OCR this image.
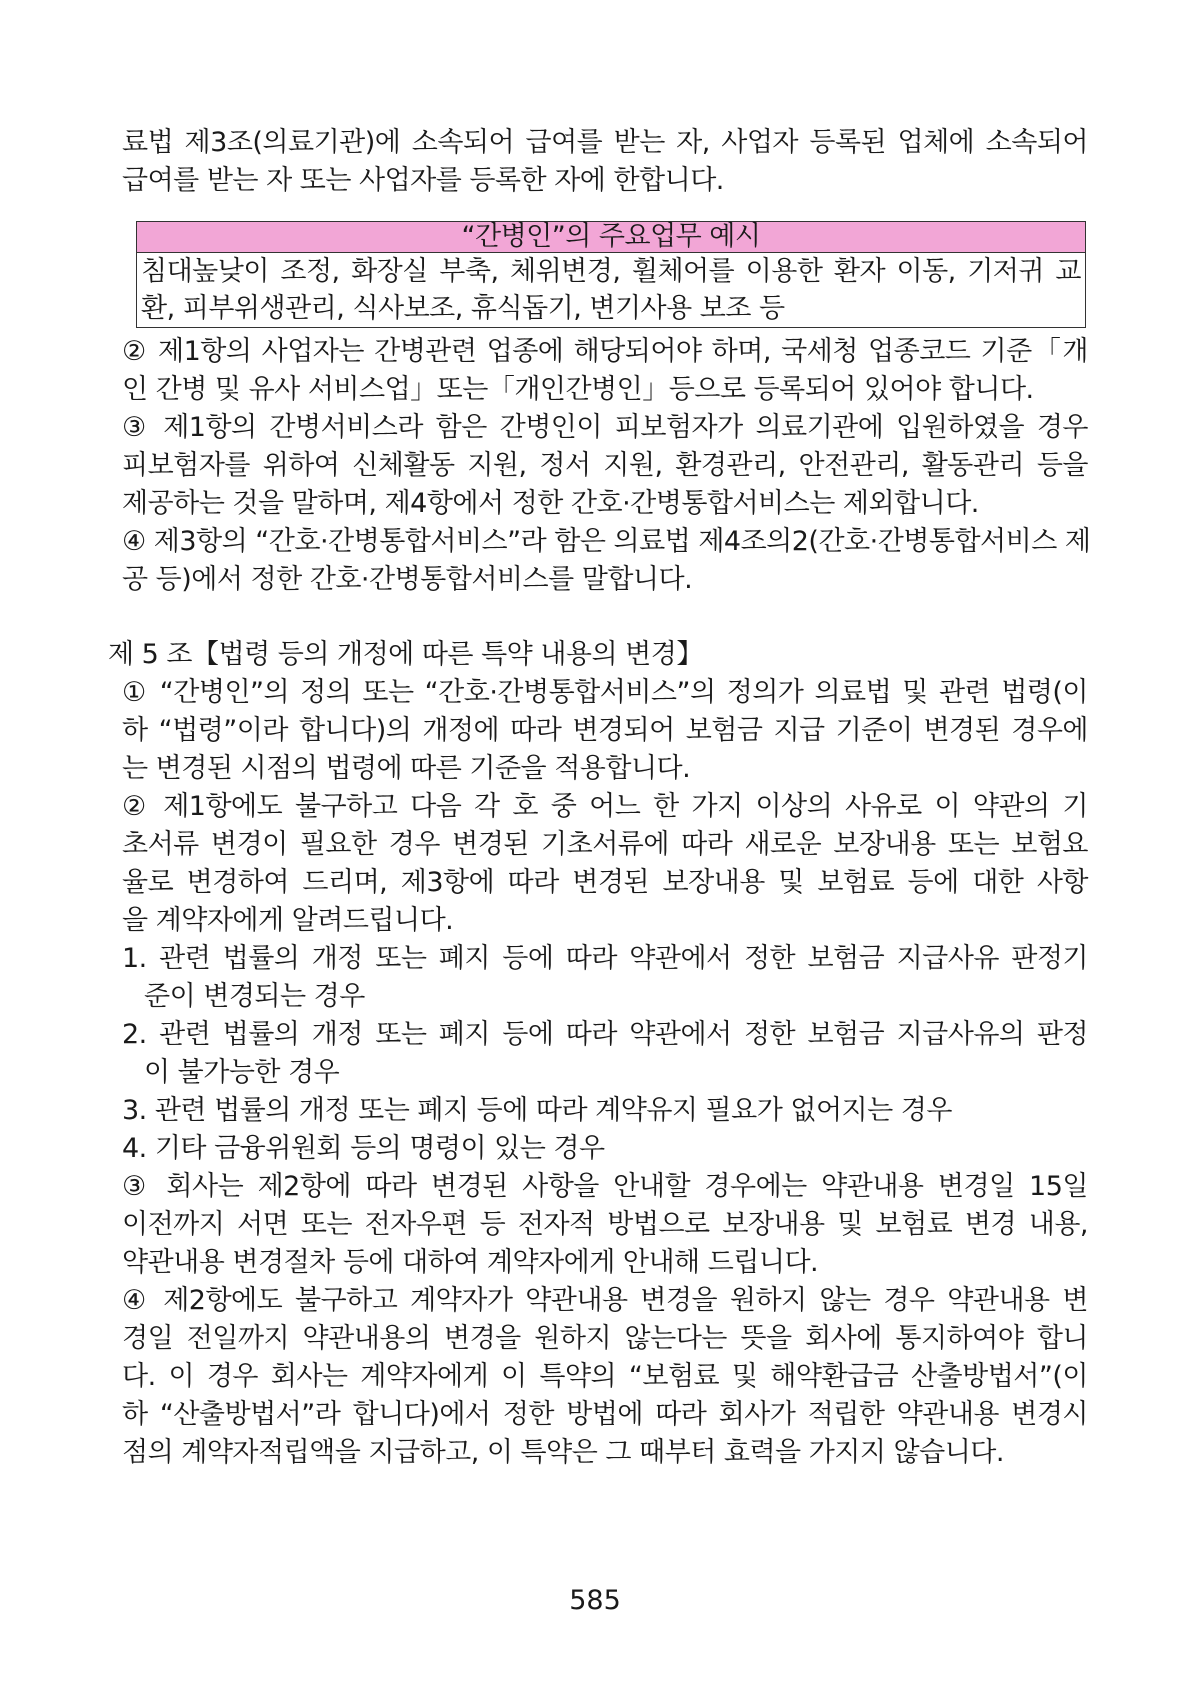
료법 제3조(의료기관)에 소속되어 급여를 받는 자, 사업자 등록된 업체에 소속되어
급여를 받는 자 또는 사업자를 등록한 자에 한합니다.
“간병인”의 주요업무 예시
침대높낮이 조정, 화장실 부축, 체위변경, 휠체어를 이용한 환자 이동, 기저귀 교
환, 피부위생관리, 식사보조, 휴식돕기, 변기사용 보조 등
② 제1항의 사업자는 간병관련 업종에 해당되어야 하며, 국세청 업종코드 기준「개
인 간병 및 유사 서비스업」또는「개인간병인」등으로 등록되어 있어야 합니다.
③ 제1항의 간병서비스라 함은 간병인이 피보험자가 의료기관에 입원하였을 경우
피보험자를 위하여 신체활동 지원, 정서 지원, 환경관리, 안전관리, 활동관리 등을
제공하는 것을 말하며, 제4항에서 정한 간호·간병통합서비스는 제외합니다.
④ 제3항의 “간호·간병통합서비스”라 함은 의료법 제4조의2(간호·간병통합서비스 제
공 등)에서 정한 간호·간병통합서비스를 말합니다.
제 5 조【법령 등의 개정에 따른 특약 내용의 변경】
① “간병인”의 정의 또는 “간호·간병통합서비스”의 정의가 의료법 및 관련 법령(이
하 “법령”이라 합니다)의 개정에 따라 변경되어 보험금 지급 기준이 변경된 경우에
는 변경된 시점의 법령에 따른 기준을 적용합니다.
② 제1항에도 불구하고 다음 각 호 중 어느 한 가지 이상의 사유로 이 약관의 기
초서류 변경이 필요한 경우 변경된 기초서류에 따라 새로운 보장내용 또는 보험요
율로 변경하여 드리며, 제3항에 따라 변경된 보장내용 및 보험료 등에 대한 사항
을 계약자에게 알려드립니다.
1. 관련 법률의 개정 또는 폐지 등에 따라 약관에서 정한 보험금 지급사유 판정기
준이 변경되는 경우
2. 관련 법률의 개정 또는 폐지 등에 따라 약관에서 정한 보험금 지급사유의 판정
이 불가능한 경우
3. 관련 법률의 개정 또는 폐지 등에 따라 계약유지 필요가 없어지는 경우
4. 기타 금융위원회 등의 명령이 있는 경우
③ 회사는 제2항에 따라 변경된 사항을 안내할 경우에는 약관내용 변경일 15일
이전까지 서면 또는 전자우편 등 전자적 방법으로 보장내용 및 보험료 변경 내용,
약관내용 변경절차 등에 대하여 계약자에게 안내해 드립니다.
④ 제2항에도 불구하고 계약자가 약관내용 변경을 원하지 않는 경우 약관내용 변
경일 전일까지 약관내용의 변경을 원하지 않는다는 뜻을 회사에 통지하여야 합니
다. 이 경우 회사는 계약자에게 이 특약의 “보험료 및 해약환급금 산출방법서”(이
하 “산출방법서”라 합니다)에서 정한 방법에 따라 회사가 적립한 약관내용 변경시
점의 계약자적립액을 지급하고, 이 특약은 그 때부터 효력을 가지지 않습니다.
585
